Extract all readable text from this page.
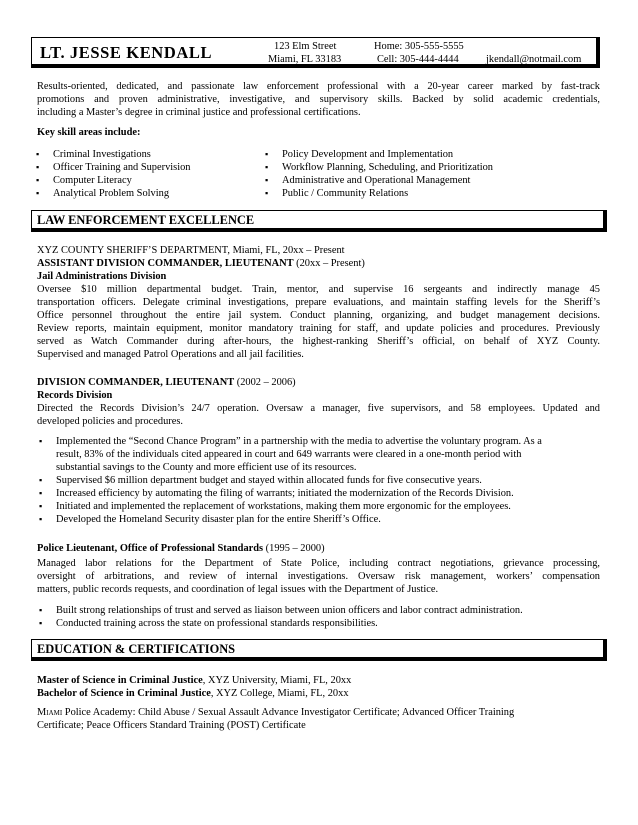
LT. JESSE KENDALL	123 Elm Street
Miami, FL 33183
Home: 305-555-5555
Cell: 305-444-4444	jkendall@notmail.com
Results-oriented, dedicated, and passionate law enforcement professional with a 20-year career marked by fast-track
promotions and proven administrative, investigative, and supervisory skills. Backed by solid academic credentials,
including a Master’s degree in criminal justice and professional certifications.
Key skill areas include:
▪ Criminal Investigations
▪ Officer Training and Supervision
▪ Computer Literacy
▪ Analytical Problem Solving
▪ Policy Development and Implementation
▪ Workflow Planning, Scheduling, and Prioritization
▪ Administrative and Operational Management
▪ Public / Community Relations
LAW ENFORCEMENT EXCELLENCE
XYZ COUNTY SHERIFF’S DEPARTMENT, Miami, FL, 20xx – Present
ASSISTANT DIVISION COMMANDER, LIEUTENANT (20xx – Present)
Jail Administrations Division
Oversee $10 million departmental budget. Train, mentor, and supervise 16 sergeants and indirectly manage 45
transportation officers. Delegate criminal investigations, prepare evaluations, and maintain staffing levels for the Sheriff’s
Office personnel throughout the entire jail system. Conduct planning, organizing, and budget management decisions.
Review reports, maintain equipment, monitor mandatory training for staff, and update policies and procedures. Previously
served as Watch Commander during after-hours, the highest-ranking Sheriff’s official, on behalf of XYZ County.
Supervised and managed Patrol Operations and all jail facilities.
DIVISION COMMANDER, LIEUTENANT (2002 – 2006)
Records Division
Directed the Records Division’s 24/7 operation. Oversaw a manager, five supervisors, and 58 employees. Updated and
developed policies and procedures.
▪ Implemented the “Second Chance Program” in a partnership with the media to advertise the voluntary program. As a
result, 83% of the individuals cited appeared in court and 649 warrants were cleared in a one-month period with
substantial savings to the County and more efficient use of its resources.
▪ Supervised $6 million department budget and stayed within allocated funds for five consecutive years.
▪ Increased efficiency by automating the filing of warrants; initiated the modernization of the Records Division.
▪ Initiated and implemented the replacement of workstations, making them more ergonomic for the employees.
▪ Developed the Homeland Security disaster plan for the entire Sheriff’s Office.
Police Lieutenant, Office of Professional Standards (1995 – 2000)
Managed labor relations for the Department of State Police, including contract negotiations, grievance processing,
oversight of arbitrations, and review of internal investigations. Oversaw risk management, workers’ compensation
matters, public records requests, and coordination of legal issues with the Department of Justice.
▪ Built strong relationships of trust and served as liaison between union officers and labor contract administration.
▪ Conducted training across the state on professional standards responsibilities.
EDUCATION & CERTIFICATIONS
Master of Science in Criminal Justice, XYZ University, Miami, FL, 20xx
Bachelor of Science in Criminal Justice, XYZ College, Miami, FL, 20xx
Miami Police Academy: Child Abuse / Sexual Assault Advance Investigator Certificate; Advanced Officer Training
Certificate; Peace Officers Standard Training (POST) Certificate
